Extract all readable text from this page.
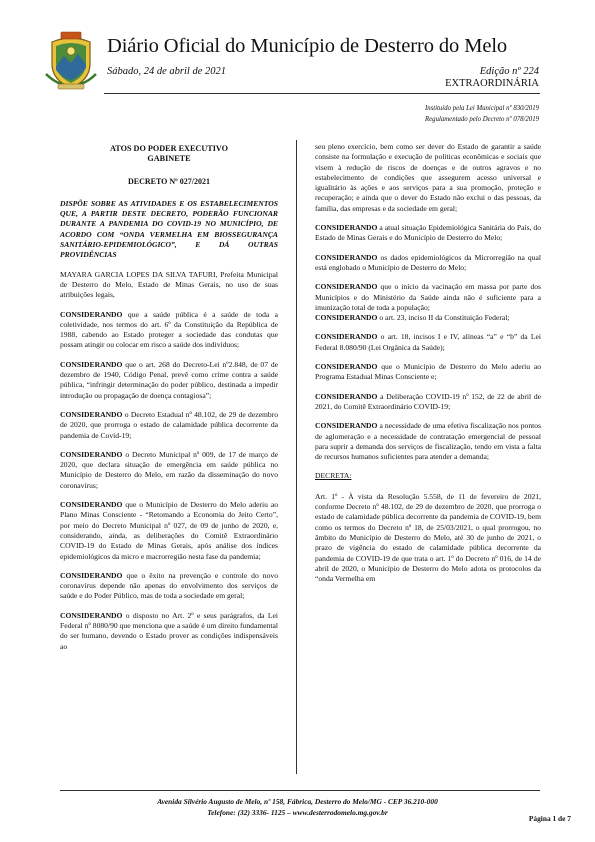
Diário Oficial do Município de Desterro do Melo
Sábado, 24 de abril de 2021	Edição nº 224
EXTRAORDINÁRIA
Instituído pela Lei Municipal nº 830/2019
Regulamentado pelo Decreto nº 078/2019

ATOS DO PODER EXECUTIVO

GABINETE

DECRETO Nº 027/2021

DISPÕE SOBRE AS ATIVIDADES E OS ESTABELECIMENTOS QUE, A PARTIR DESTE DECRETO, PODERÃO FUNCIONAR DURANTE A PANDEMIA DO COVID-19 NO MUNICÍPIO, DE ACORDO COM “ONDA VERMELHA EM BIOSSEGURANÇA SANITÁRIO-EPIDEMIOLÓGICO”, E DÁ OUTRAS PROVIDÊNCIAS

MAYARA GARCIA LOPES DA SILVA TAFURI, Prefeita Municipal de Desterro do Melo, Estado de Minas Gerais, no uso de suas atribuições legais,

CONSIDERANDO que a saúde pública é a saúde de toda a coletividade, nos termos do art. 6º da Constituição da República de 1988, cabendo ao Estado proteger a sociedade das condutas que possam atingir ou colocar em risco a saúde dos indivíduos;

CONSIDERANDO que o art. 268 do Decreto-Lei nº2.848, de 07 de dezembro de 1940, Código Penal, prevê como crime contra a saúde pública, “infringir determinação do poder público, destinada a impedir introdução ou propagação de doença contagiosa”;

CONSIDERANDO o Decreto Estadual nº 48.102, de 29 de dezembro de 2020, que prorroga o estado de calamidade pública decorrente da pandemia de Covid-19;

CONSIDERANDO o Decreto Municipal nº 009, de 17 de março de 2020, que declara situação de emergência em saúde pública no Município de Desterro do Melo, em razão da disseminação do novo coronavírus;

CONSIDERANDO que o Município de Desterro do Melo aderiu ao Plano Minas Consciente - “Retomando a Economia do Jeito Certo”, por meio do Decreto Municipal nº 027, de 09 de junho de 2020, e, considerando, ainda, as deliberações do Comitê Extraordinário COVID-19 do Estado de Minas Gerais, após análise dos índices epidemiológicos da micro e macrorregião nesta fase da pandemia;

CONSIDERANDO que o êxito na prevenção e controle do novo coronavírus depende não apenas do envolvimento dos serviços de saúde e do Poder Público, mas de toda a sociedade em geral;

CONSIDERANDO o disposto no Art. 2º e seus parágrafos, da Lei Federal nº 8080/90 que menciona que a saúde é um direito fundamental do ser humano, devendo o Estado prover as condições indispensáveis ao

seu pleno exercício, bem como ser dever do Estado de garantir a saúde consiste na formulação e execução de políticas econômicas e sociais que visem à redução de riscos de doenças e de outros agravos e no estabelecimento de condições que assegurem acesso universal e igualitário às ações e aos serviços para a sua promoção, proteção e recuperação; e ainda que o dever do Estado não exclui o das pessoas, da família, das empresas e da sociedade em geral;

CONSIDERANDO a atual situação Epidemiológica Sanitária do País, do Estado de Minas Gerais e do Município de Desterro do Melo;

CONSIDERANDO os dados epidemiológicos da Microrregião na qual está englobado o Município de Desterro do Melo;

CONSIDERANDO que o início da vacinação em massa por parte dos Municípios e do Ministério da Saúde ainda não é suficiente para a imunização total de toda a população;

CONSIDERANDO o art. 23, inciso II da Constituição Federal;

CONSIDERANDO o art. 18, incisos I e IV, alíneas “a” e “b” da Lei Federal 8.080/90 (Lei Orgânica da Saúde);

CONSIDERANDO que o Município de Desterro do Melo aderiu ao Programa Estadual Minas Consciente e;

CONSIDERANDO a Deliberação COVID-19 nº 152, de 22 de abril de 2021, do Comitê Extraordinário COVID-19;

CONSIDERANDO a necessidade de uma efetiva fiscalização nos pontos de aglomeração e a necessidade de contratação emergencial de pessoal para suprir a demanda dos serviços de fiscalização, tendo em vista a falta de recursos humanos suficientes para atender a demanda;

DECRETA:

Art. 1º - À vista da Resolução 5.558, de 11 de fevereiro de 2021, conforme Decreto nº 48.102, de 29 de dezembro de 2020, que prorroga o estado de calamidade pública decorrente da pandemia de COVID-19, bem como os termos do Decreto nº 18, de 25/03/2021, o qual prorrogou, no âmbito do Município de Desterro do Melo, até 30 de junho de 2021, o prazo de vigência do estado de calamidade pública decorrente da pandemia de COVID-19 de que trata o art. 1º do Decreto nº 016, de 14 de abril de 2020, o Município de Desterro do Melo adota os protocolos da “onda Vermelha em

Avenida Silvério Augusto de Melo, nº 158, Fábrica, Desterro do Melo/MG - CEP 36.210-000
Telefone: (32) 3336- 1125 – www.desterrodomelo.mg.gov.br
Página 1 de 7
